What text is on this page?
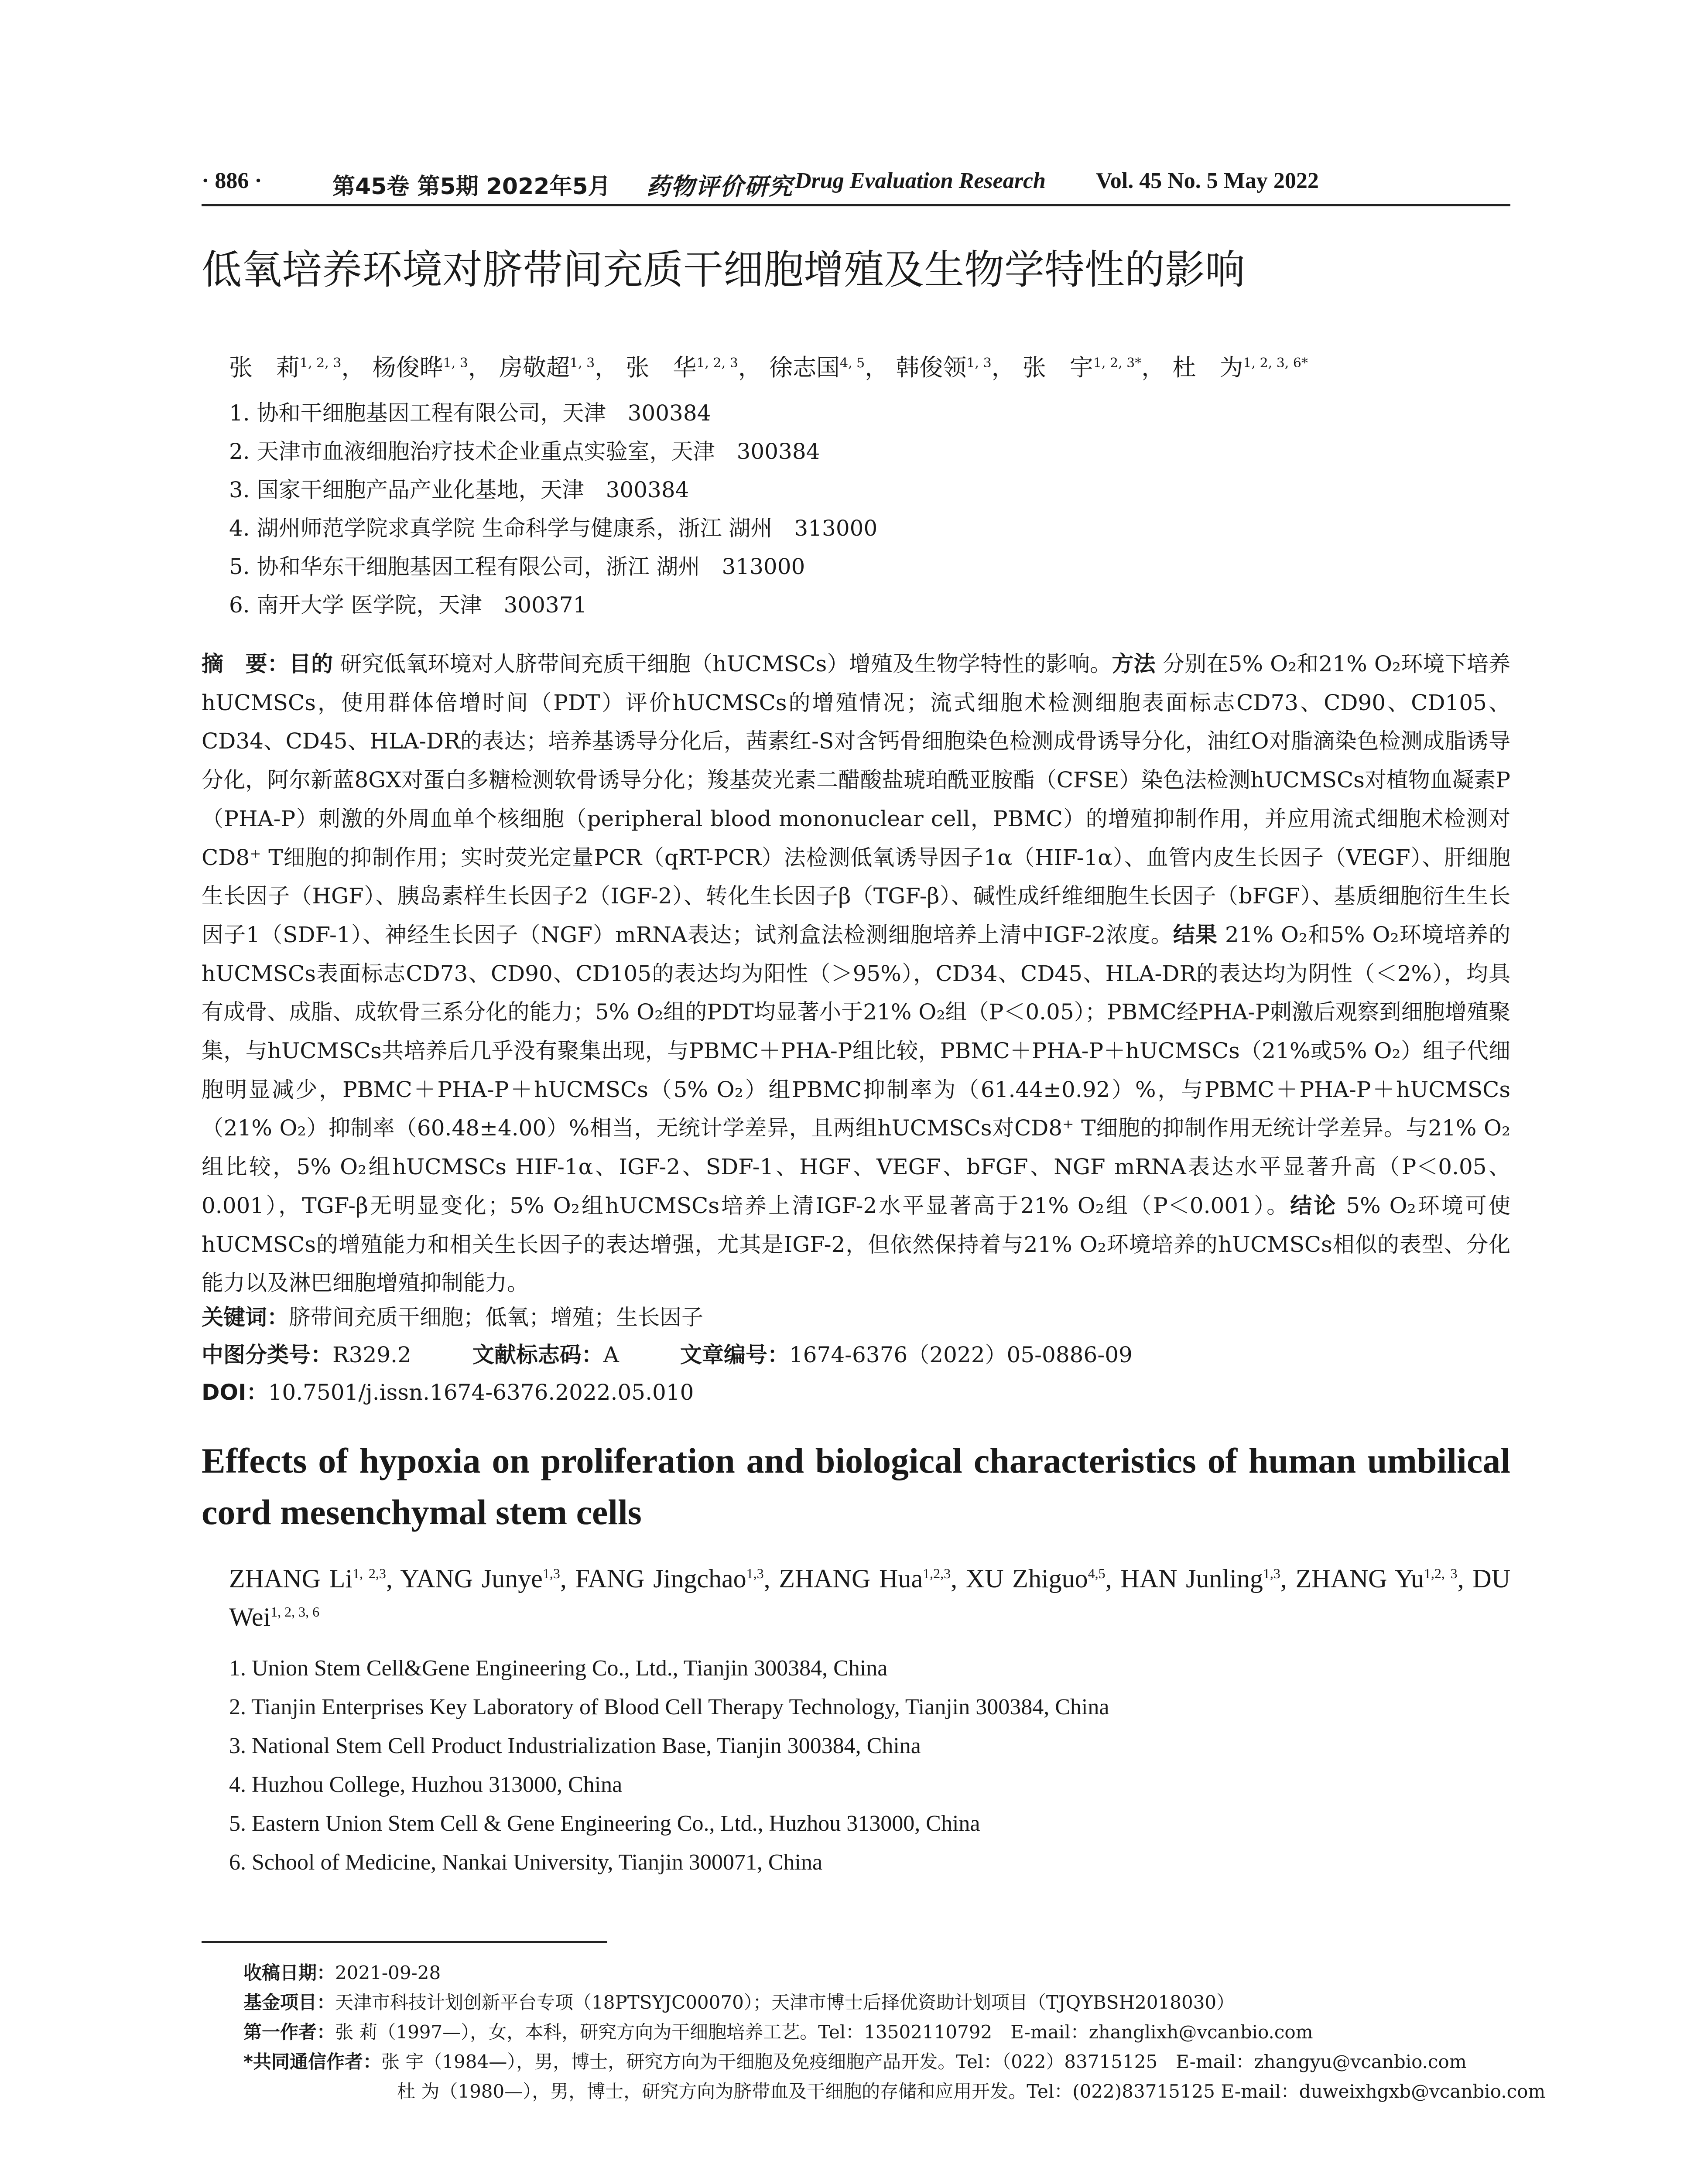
· 886 ·	第45卷 第5期 2022年5月 药物评价研究 Drug Evaluation Research Vol. 45 No. 5 May 2022
低氧培养环境对脐带间充质干细胞增殖及生物学特性的影响
张　莉$^{1, 2, 3}$， 杨俊晔$^{1, 3}$， 房敬超$^{1, 3}$， 张　华$^{1, 2, 3}$， 徐志国$^{4, 5}$， 韩俊领$^{1, 3}$， 张　宇$^{1, 2, 3*}$， 杜　为$^{1, 2, 3, 6*}$
1. 协和干细胞基因工程有限公司，天津　300384
2. 天津市血液细胞治疗技术企业重点实验室，天津　300384
3. 国家干细胞产品产业化基地，天津　300384
4. 湖州师范学院求真学院 生命科学与健康系，浙江 湖州　313000
5. 协和华东干细胞基因工程有限公司，浙江 湖州　313000
6. 南开大学 医学院，天津　300371
摘　要：目的 研究低氧环境对人脐带间充质干细胞（hUCMSCs）增殖及生物学特性的影响。方法 分别在5% O₂和21% O₂环境下培养hUCMSCs，使用群体倍增时间（PDT）评价hUCMSCs的增殖情况；流式细胞术检测细胞表面标志CD73、CD90、CD105、CD34、CD45、HLA-DR的表达；培养基诱导分化后，茜素红-S对含钙骨细胞染色检测成骨诱导分化，油红O对脂滴染色检测成脂诱导分化，阿尔新蓝8GX对蛋白多糖检测软骨诱导分化；羧基荧光素二醋酸盐琥珀酰亚胺酯（CFSE）染色法检测hUCMSCs对植物血凝素P（PHA-P）刺激的外周血单个核细胞（peripheral blood mononuclear cell，PBMC）的增殖抑制作用，并应用流式细胞术检测对CD8⁺ T细胞的抑制作用；实时荧光定量PCR（qRT-PCR）法检测低氧诱导因子1α（HIF-1α）、血管内皮生长因子（VEGF）、肝细胞生长因子（HGF）、胰岛素样生长因子2（IGF-2）、转化生长因子β（TGF-β）、碱性成纤维细胞生长因子（bFGF）、基质细胞衍生生长因子1（SDF-1）、神经生长因子（NGF）mRNA表达；试剂盒法检测细胞培养上清中IGF-2浓度。结果 21% O₂和5% O₂环境培养的hUCMSCs表面标志CD73、CD90、CD105的表达均为阳性（＞95%），CD34、CD45、HLA-DR的表达均为阴性（＜2%），均具有成骨、成脂、成软骨三系分化的能力；5% O₂组的PDT均显著小于21% O₂组（P＜0.05）；PBMC经PHA-P刺激后观察到细胞增殖聚集，与hUCMSCs共培养后几乎没有聚集出现，与PBMC＋PHA-P组比较，PBMC＋PHA-P＋hUCMSCs（21%或5% O₂）组子代细胞明显减少，PBMC＋PHA-P＋hUCMSCs（5% O₂）组PBMC抑制率为（61.44±0.92）%，与PBMC＋PHA-P＋hUCMSCs（21% O₂）抑制率（60.48±4.00）%相当，无统计学差异，且两组hUCMSCs对CD8⁺ T细胞的抑制作用无统计学差异。与21% O₂组比较，5% O₂组hUCMSCs HIF-1α、IGF-2、SDF-1、HGF、VEGF、bFGF、NGF mRNA表达水平显著升高（P＜0.05、0.001），TGF-β无明显变化；5% O₂组hUCMSCs培养上清IGF-2水平显著高于21% O₂组（P＜0.001）。结论 5% O₂环境可使hUCMSCs的增殖能力和相关生长因子的表达增强，尤其是IGF-2，但依然保持着与21% O₂环境培养的hUCMSCs相似的表型、分化能力以及淋巴细胞增殖抑制能力。
关键词：脐带间充质干细胞；低氧；增殖；生长因子
中图分类号：R329.2	文献标志码：A	文章编号：1674-6376（2022）05-0886-09
DOI：10.7501/j.issn.1674-6376.2022.05.010
Effects of hypoxia on proliferation and biological characteristics of human umbilical cord mesenchymal stem cells
ZHANG Li$^{1, 2,3}$, YANG Junye$^{1,3}$, FANG Jingchao$^{1,3}$, ZHANG Hua$^{1,2,3}$, XU Zhiguo$^{4,5}$, HAN Junling$^{1,3}$, ZHANG Yu$^{1,2, 3}$, DU Wei$^{1, 2, 3, 6}$
1. Union Stem Cell&Gene Engineering Co., Ltd., Tianjin 300384, China
2. Tianjin Enterprises Key Laboratory of Blood Cell Therapy Technology, Tianjin 300384, China
3. National Stem Cell Product Industrialization Base, Tianjin 300384, China
4. Huzhou College, Huzhou 313000, China
5. Eastern Union Stem Cell & Gene Engineering Co., Ltd., Huzhou 313000, China
6. School of Medicine, Nankai University, Tianjin 300071, China
收稿日期：2021-09-28
基金项目：天津市科技计划创新平台专项（18PTSYJC00070）；天津市博士后择优资助计划项目（TJQYBSH2018030）
第一作者：张 莉（1997—），女，本科，研究方向为干细胞培养工艺。Tel：13502110792　E-mail：zhanglixh@vcanbio.com
*共同通信作者：张 宇（1984—），男，博士，研究方向为干细胞及免疫细胞产品开发。Tel：（022）83715125　E-mail：zhangyu@vcanbio.com
杜 为（1980—），男，博士，研究方向为脐带血及干细胞的存储和应用开发。Tel：(022)83715125 E-mail：duweixhgxb@vcanbio.com
